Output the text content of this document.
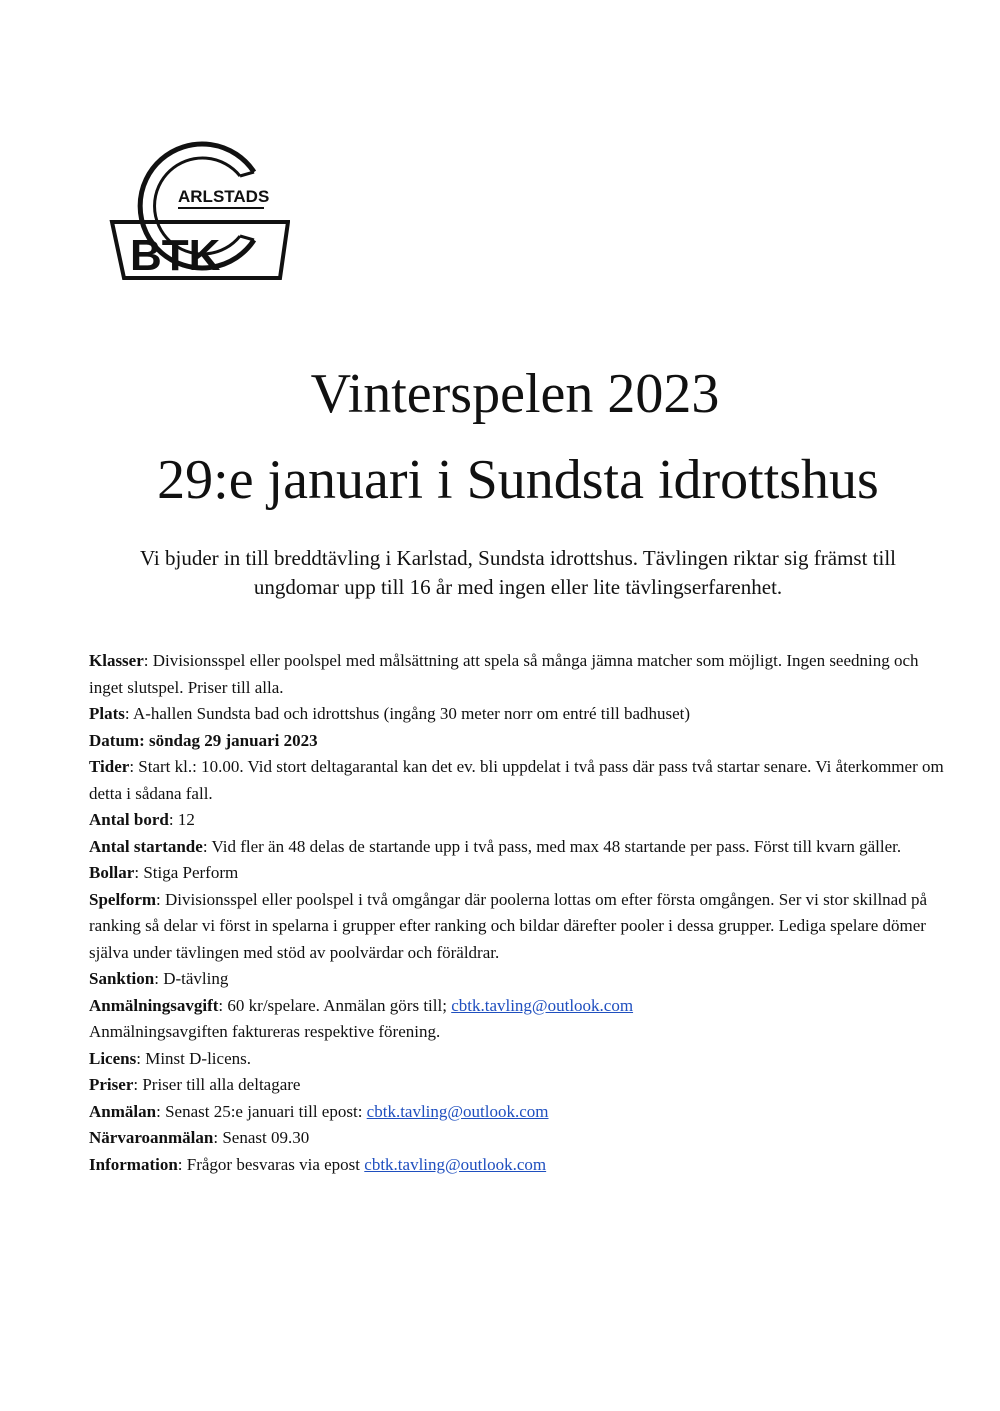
ARLSTADS
BTK
Vinterspelen 2023
29:e januari i Sundsta idrottshus
Vi bjuder in till breddtävling i Karlstad, Sundsta idrottshus. Tävlingen riktar sig främst till
ungdomar upp till 16 år med ingen eller lite tävlingserfarenhet.

Klasser: Divisionsspel eller poolspel med målsättning att spela så många jämna matcher som möjligt. Ingen seedning och inget slutspel. Priser till alla.

Plats: A-hallen Sundsta bad och idrottshus (ingång 30 meter norr om entré till badhuset)

Datum: söndag 29 januari 2023

Tider: Start kl.: 10.00. Vid stort deltagarantal kan det ev. bli uppdelat i två pass där pass två startar senare. Vi återkommer om detta i sådana fall.

Antal bord: 12

Antal startande: Vid fler än 48 delas de startande upp i två pass, med max 48 startande per pass. Först till kvarn gäller.

Bollar: Stiga Perform

Spelform: Divisionsspel eller poolspel i två omgångar där poolerna lottas om efter första omgången. Ser vi stor skillnad på ranking så delar vi först in spelarna i grupper efter ranking och bildar därefter pooler i dessa grupper. Lediga spelare dömer själva under tävlingen med stöd av poolvärdar och föräldrar.

Sanktion: D-tävling

Anmälningsavgift: 60 kr/spelare. Anmälan görs till; cbtk.tavling@outlook.com

Anmälningsavgiften faktureras respektive förening.

Licens: Minst D-licens.

Priser: Priser till alla deltagare

Anmälan: Senast 25:e januari till epost: cbtk.tavling@outlook.com

Närvaroanmälan: Senast 09.30

Information: Frågor besvaras via epost cbtk.tavling@outlook.com
